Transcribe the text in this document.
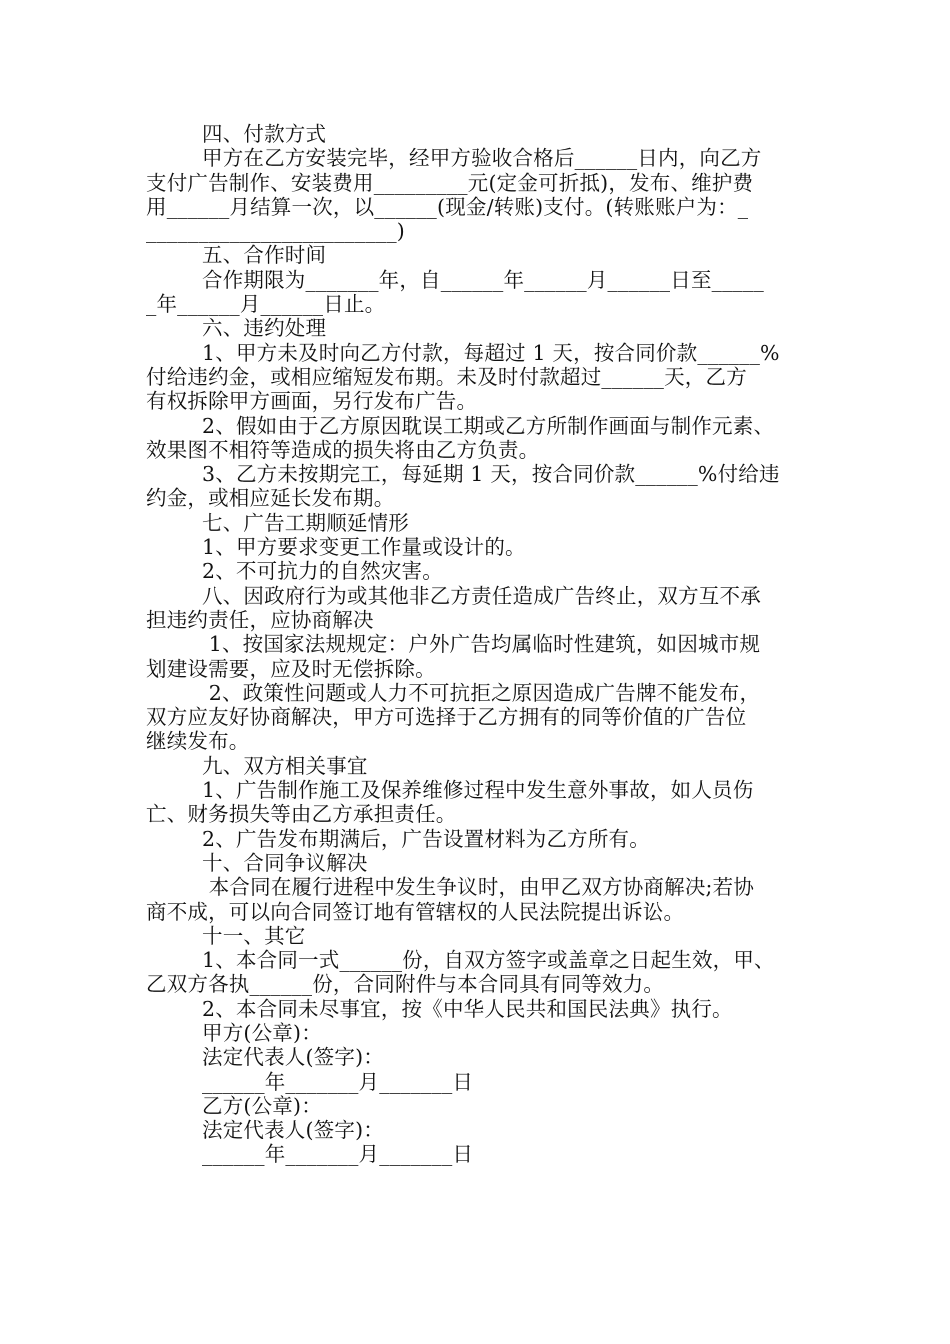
四、付款方式
甲方在乙方安装完毕，经甲方验收合格后______日内，向乙方
支付广告制作、安装费用_________元(定金可折抵)，发布、维护费
用______月结算一次，以______(现金/转账)支付。(转账账户为：_
________________________)
五、合作时间
合作期限为_______年，自______年______月______日至_____
_年______月______日止。
六、违约处理
1、甲方未及时向乙方付款，每超过 1 天，按合同价款______%
付给违约金，或相应缩短发布期。未及时付款超过______天，乙方
有权拆除甲方画面，另行发布广告。
2、假如由于乙方原因耽误工期或乙方所制作画面与制作元素、
效果图不相符等造成的损失将由乙方负责。
3、乙方未按期完工，每延期 1 天，按合同价款______%付给违
约金，或相应延长发布期。
七、广告工期顺延情形
1、甲方要求变更工作量或设计的。
2、不可抗力的自然灾害。
八、因政府行为或其他非乙方责任造成广告终止，双方互不承
担违约责任，应协商解决
1、按国家法规规定：户外广告均属临时性建筑，如因城市规
划建设需要，应及时无偿拆除。
2、政策性问题或人力不可抗拒之原因造成广告牌不能发布，
双方应友好协商解决，甲方可选择于乙方拥有的同等价值的广告位
继续发布。
九、双方相关事宜
1、广告制作施工及保养维修过程中发生意外事故，如人员伤
亡、财务损失等由乙方承担责任。
2、广告发布期满后，广告设置材料为乙方所有。
十、合同争议解决
本合同在履行进程中发生争议时，由甲乙双方协商解决;若协
商不成，可以向合同签订地有管辖权的人民法院提出诉讼。
十一、其它
1、本合同一式______份，自双方签字或盖章之日起生效，甲、
乙双方各执______份，合同附件与本合同具有同等效力。
2、本合同未尽事宜，按《中华人民共和国民法典》执行。
甲方(公章)：
法定代表人(签字)：
______年_______月_______日
乙方(公章)：
法定代表人(签字)：
______年_______月_______日
